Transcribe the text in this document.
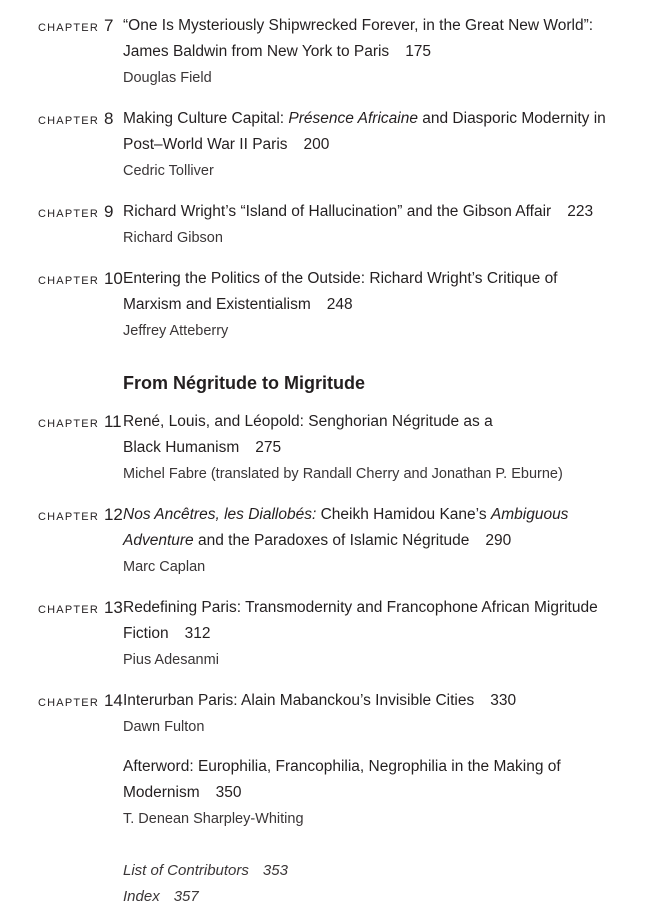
CHAPTER 7 “One Is Mysteriously Shipwrecked Forever, in the Great New World”: James Baldwin from New York to Paris 175
Douglas Field
CHAPTER 8 Making Culture Capital: Présence Africaine and Diasporic Modernity in Post–World War II Paris 200
Cedric Tolliver
CHAPTER 9 Richard Wright’s “Island of Hallucination” and the Gibson Affair 223
Richard Gibson
CHAPTER 10 Entering the Politics of the Outside: Richard Wright’s Critique of Marxism and Existentialism 248
Jeffrey Atteberry
From Négritude to Migritude
CHAPTER 11 René, Louis, and Léopold: Senghorian Négritude as a Black Humanism 275
Michel Fabre (translated by Randall Cherry and Jonathan P. Eburne)
CHAPTER 12 Nos Ancêtres, les Diallobés: Cheikh Hamidou Kane’s Ambiguous Adventure and the Paradoxes of Islamic Négritude 290
Marc Caplan
CHAPTER 13 Redefining Paris: Transmodernity and Francophone African Migritude Fiction 312
Pius Adesanmi
CHAPTER 14 Interurban Paris: Alain Mabanckou’s Invisible Cities 330
Dawn Fulton
Afterword: Europhilia, Francophilia, Negrophilia in the Making of Modernism 350
T. Denean Sharpley-Whiting
List of Contributors 353
Index 357
